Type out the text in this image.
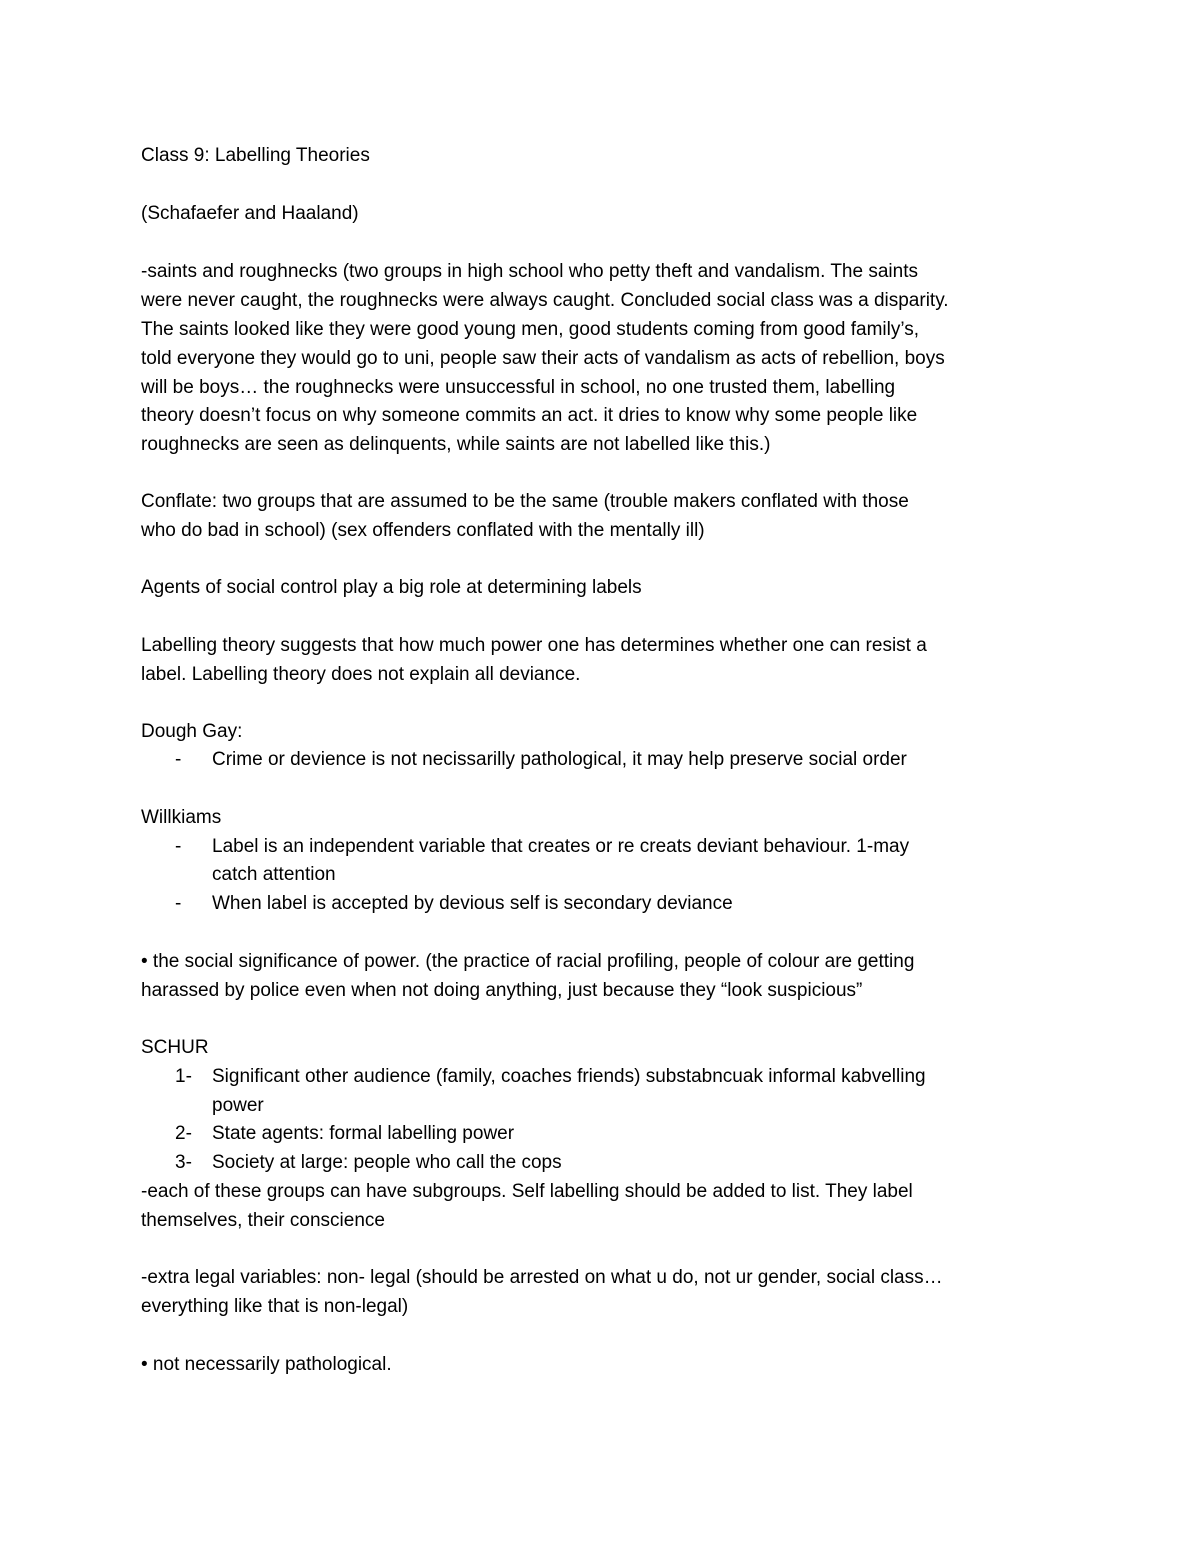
Class 9: Labelling Theories
(Schafaefer and Haaland)
-saints and roughnecks (two groups in high school who petty theft and vandalism. The saints
were never caught, the roughnecks were always caught. Concluded social class was a disparity.
The saints looked like they were good young men, good students coming from good family’s,
told everyone they would go to uni, people saw their acts of vandalism as acts of rebellion, boys
will be boys… the roughnecks were unsuccessful in school, no one trusted them, labelling
theory doesn’t focus on why someone commits an act. it dries to know why some people like
roughnecks are seen as delinquents, while saints are not labelled like this.)
Conflate: two groups that are assumed to be the same (trouble makers conflated with those
who do bad in school) (sex offenders conflated with the mentally ill)
Agents of social control play a big role at determining labels
Labelling theory suggests that how much power one has determines whether one can resist a
label. Labelling theory does not explain all deviance.
Dough Gay:
- Crime or devience is not necissarilly pathological, it may help preserve social order
Willkiams
- Label is an independent variable that creates or re creats deviant behaviour. 1-may
catch attention
- When label is accepted by devious self is secondary deviance
• the social significance of power. (the practice of racial profiling, people of colour are getting
harassed by police even when not doing anything, just because they “look suspicious”
SCHUR
1- Significant other audience (family, coaches friends) substabncuak informal kabvelling
power
2- State agents: formal labelling power
3- Society at large: people who call the cops
-each of these groups can have subgroups. Self labelling should be added to list. They label
themselves, their conscience
-extra legal variables: non- legal (should be arrested on what u do, not ur gender, social class…
everything like that is non-legal)
• not necessarily pathological.
